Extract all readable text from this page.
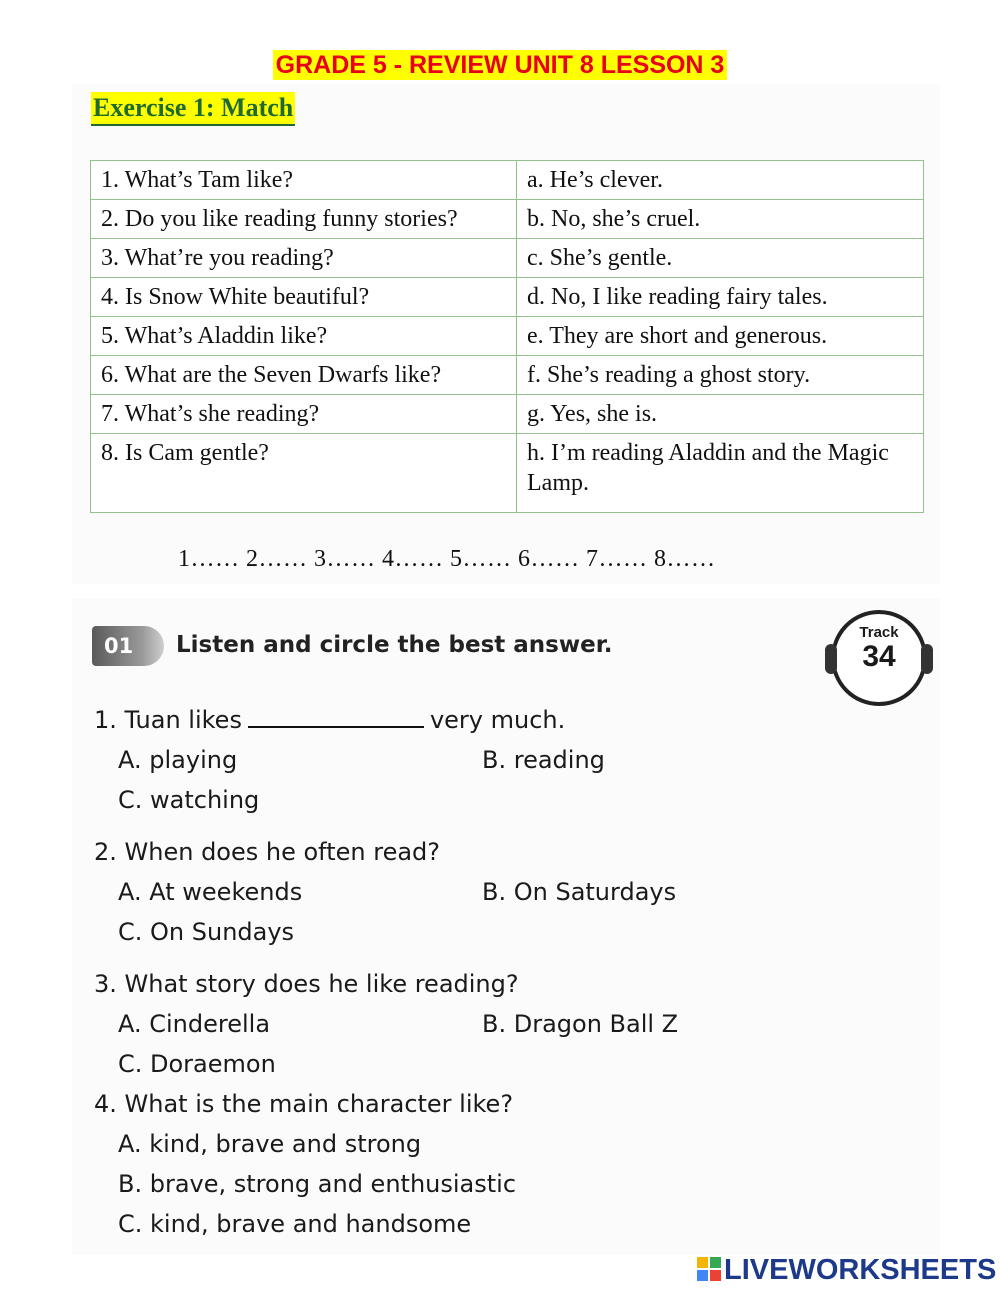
GRADE 5 - REVIEW UNIT 8 LESSON 3
Exercise 1: Match
1. What’s Tam like?	a. He’s clever.
2. Do you like reading funny stories?	b. No, she’s cruel.
3. What’re you reading?	c. She’s gentle.
4. Is Snow White beautiful?	d. No, I like reading fairy tales.
5. What’s Aladdin like?	e. They are short and generous.
6. What are the Seven Dwarfs like?	f. She’s reading a ghost story.
7. What’s she reading?	g. Yes, she is.
8. Is Cam gentle?	h. I’m reading Aladdin and the Magic Lamp.
1…… 2…… 3…… 4…… 5…… 6…… 7…… 8……
01	Listen and circle the best answer.	Track
34
1. Tuan likes	very much.
A. playing	B. reading
C. watching
2. When does he often read?
A. At weekends	B. On Saturdays
C. On Sundays
3. What story does he like reading?
A. Cinderella	B. Dragon Ball Z
C. Doraemon
4. What is the main character like?
A. kind, brave and strong
B. brave, strong and enthusiastic
C. kind, brave and handsome
LIVEWORKSHEETS
